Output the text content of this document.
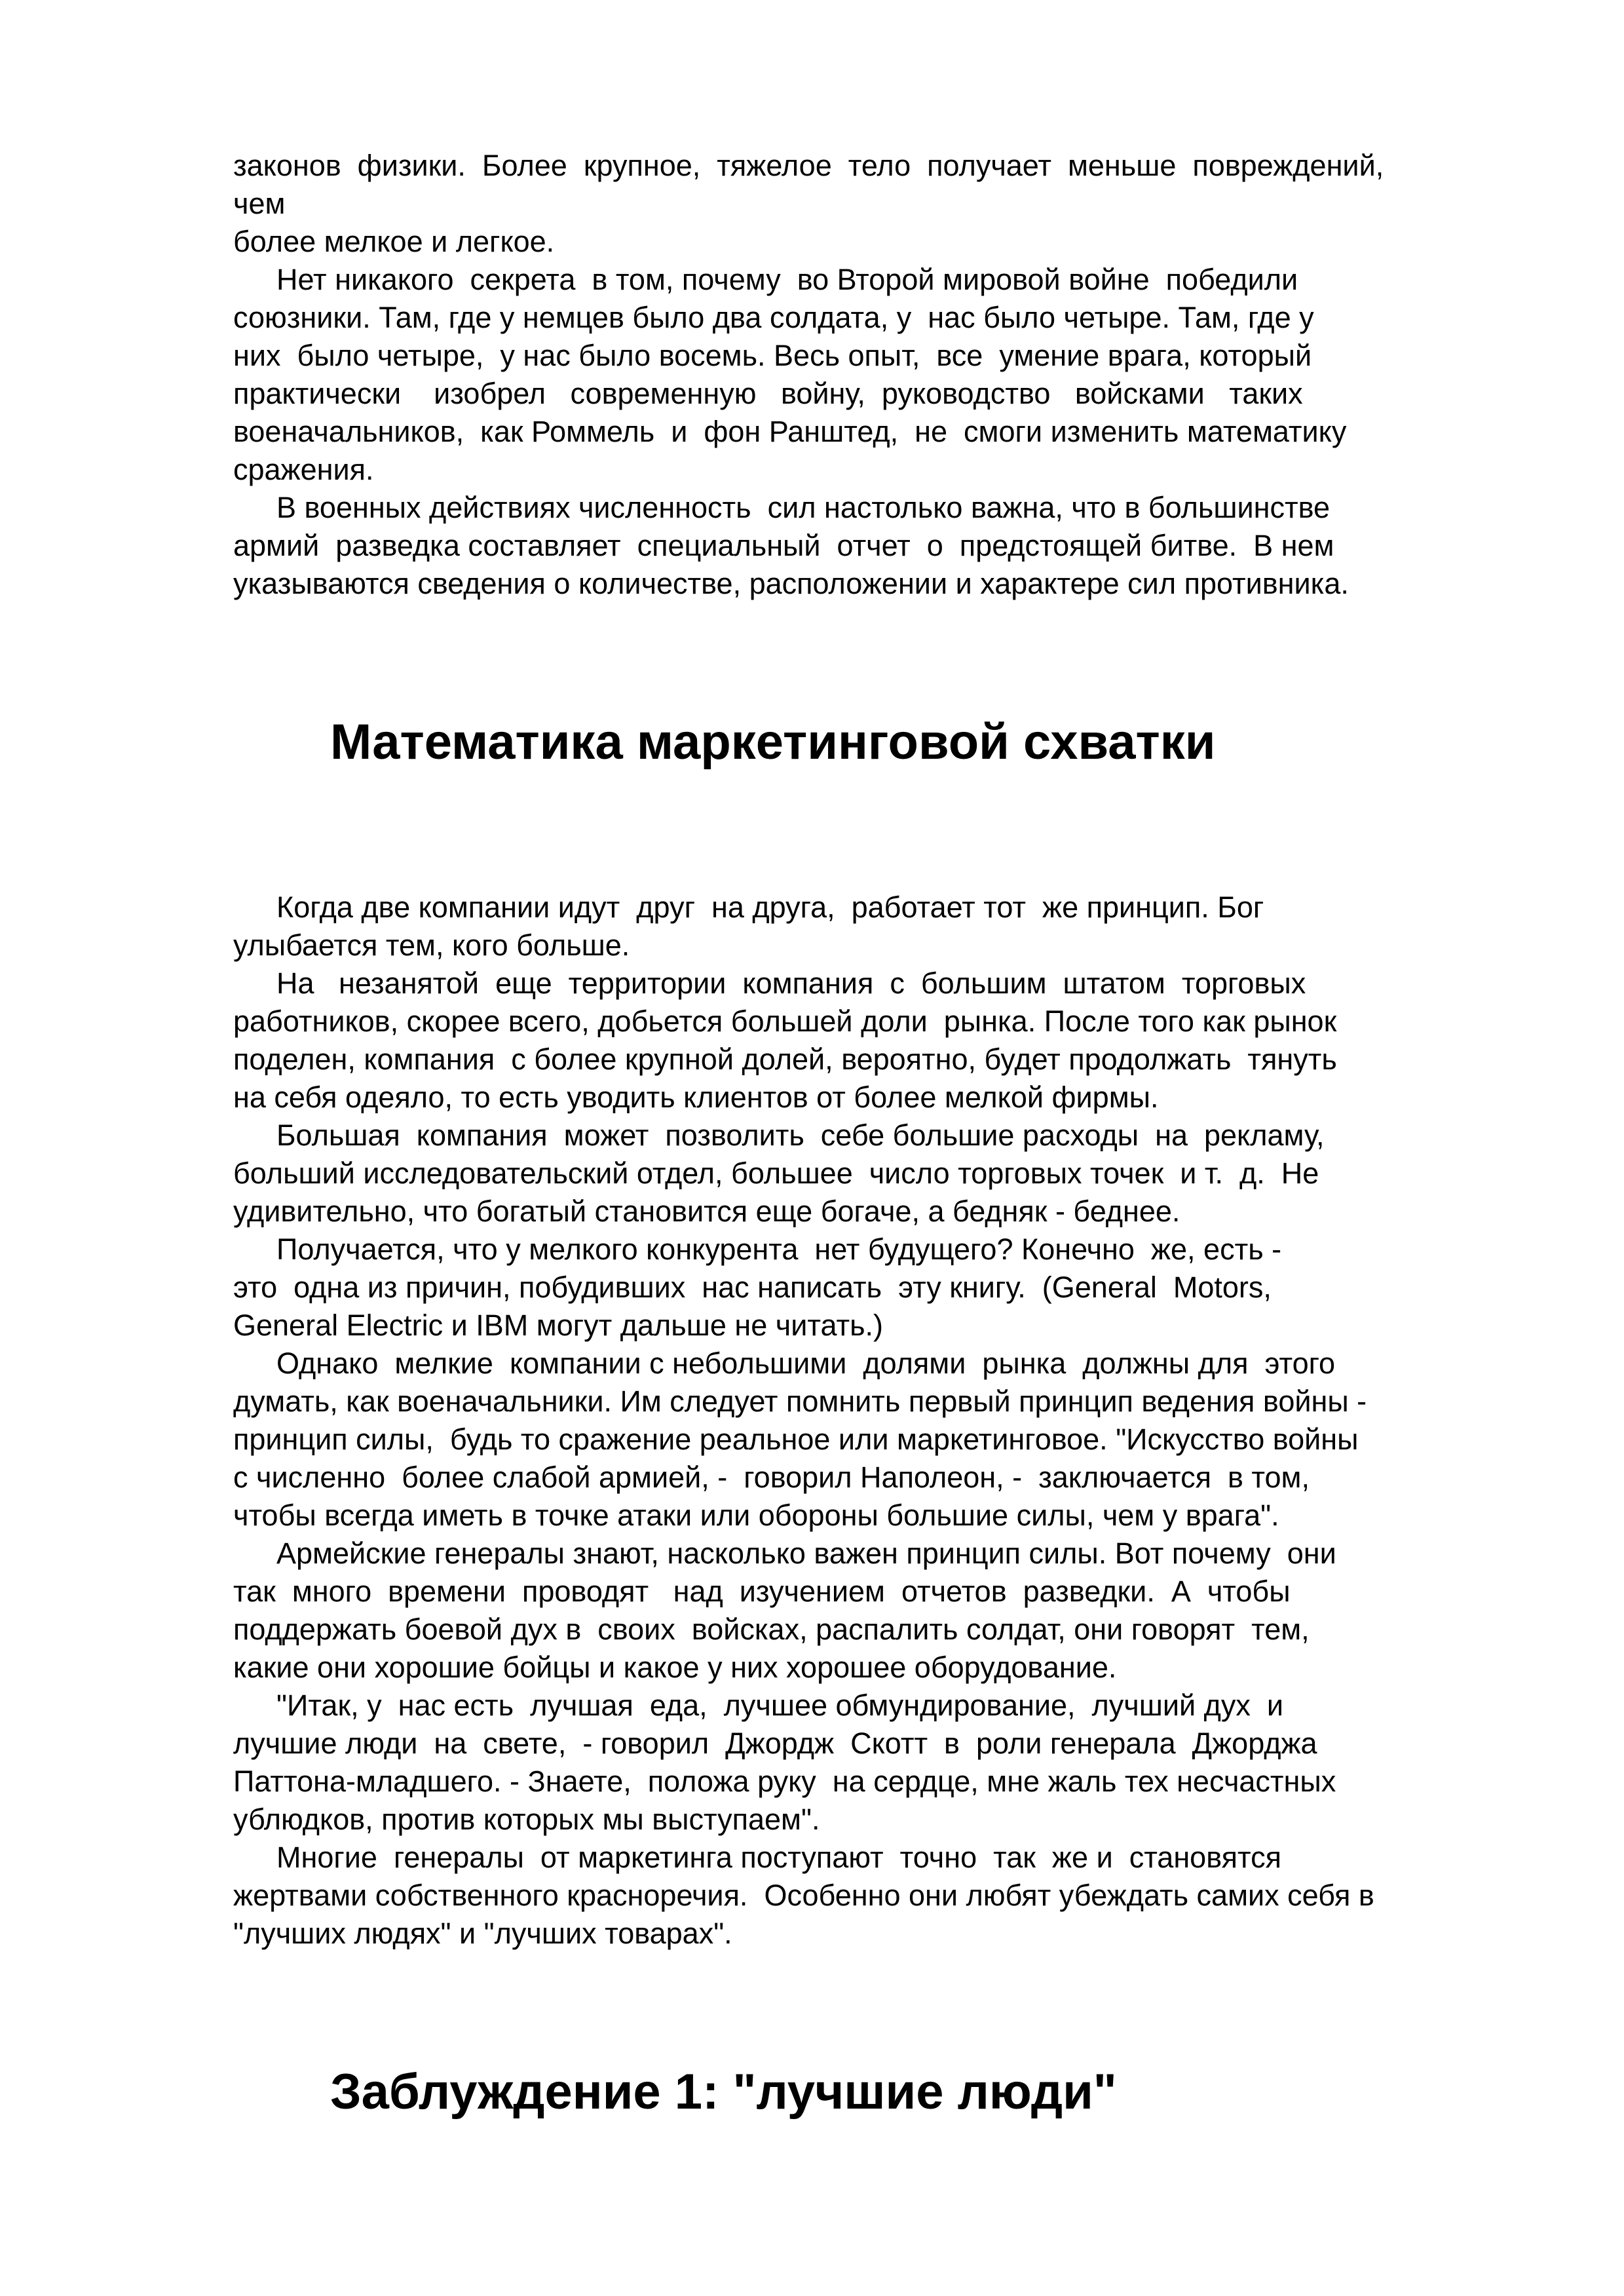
законов  физики.  Более  крупное,  тяжелое  тело  получает  меньше  повреждений,
чем
более мелкое и легкое.
Нет никакого  секрета  в том, почему  во Второй мировой войне  победили
союзники. Там, где у немцев было два солдата, у  нас было четыре. Там, где у
них  было четыре,  у нас было восемь. Весь опыт,  все  умение врага, который
практически    изобрел   современную   войну,  руководство   войсками   таких
военачальников,  как Роммель  и  фон Ранштед,  не  смоги изменить математику
сражения.
В военных действиях численность  сил настолько важна, что в большинстве
армий  разведка составляет  специальный  отчет  о  предстоящей битве.  В нем
указываются сведения о количестве, расположении и характере сил противника.
Математика маркетинговой схватки
Когда две компании идут  друг  на друга,  работает тот  же принцип. Бог
улыбается тем, кого больше.
На   незанятой  еще  территории  компания  с  большим  штатом  торговых
работников, скорее всего, добьется большей доли  рынка. После того как рынок
поделен, компания  с более крупной долей, вероятно, будет продолжать  тянуть
на себя одеяло, то есть уводить клиентов от более мелкой фирмы.
Большая  компания  может  позволить  себе большие расходы  на  рекламу,
больший исследовательский отдел, большее  число торговых точек  и т.  д.  Не
удивительно, что богатый становится еще богаче, а бедняк - беднее.
Получается, что у мелкого конкурента  нет будущего? Конечно  же, есть -
это  одна из причин, побудивших  нас написать  эту книгу.  (General  Motors,
General Electric и IBM могут дальше не читать.)
Однако  мелкие  компании с небольшими  долями  рынка  должны для  этого
думать, как военачальники. Им следует помнить первый принцип ведения войны -
принцип силы,  будь то сражение реальное или маркетинговое. "Искусство войны
с численно  более слабой армией, -  говорил Наполеон, -  заключается  в том,
чтобы всегда иметь в точке атаки или обороны большие силы, чем у врага".
Армейские генералы знают, насколько важен принцип силы. Вот почему  они
так  много  времени  проводят   над  изучением  отчетов  разведки.  А  чтобы
поддержать боевой дух в  своих  войсках, распалить солдат, они говорят  тем,
какие они хорошие бойцы и какое у них хорошее оборудование.
"Итак, у  нас есть  лучшая  еда,  лучшее обмундирование,  лучший дух  и
лучшие люди  на  свете,  - говорил  Джордж  Скотт  в  роли генерала  Джорджа
Паттона-младшего. - Знаете,  положа руку  на сердце, мне жаль тех несчастных
ублюдков, против которых мы выступаем".
Многие  генералы  от маркетинга поступают  точно  так  же и  становятся
жертвами собственного красноречия.  Особенно они любят убеждать самих себя в
"лучших людях" и "лучших товарах".
Заблуждение 1: "лучшие люди"
